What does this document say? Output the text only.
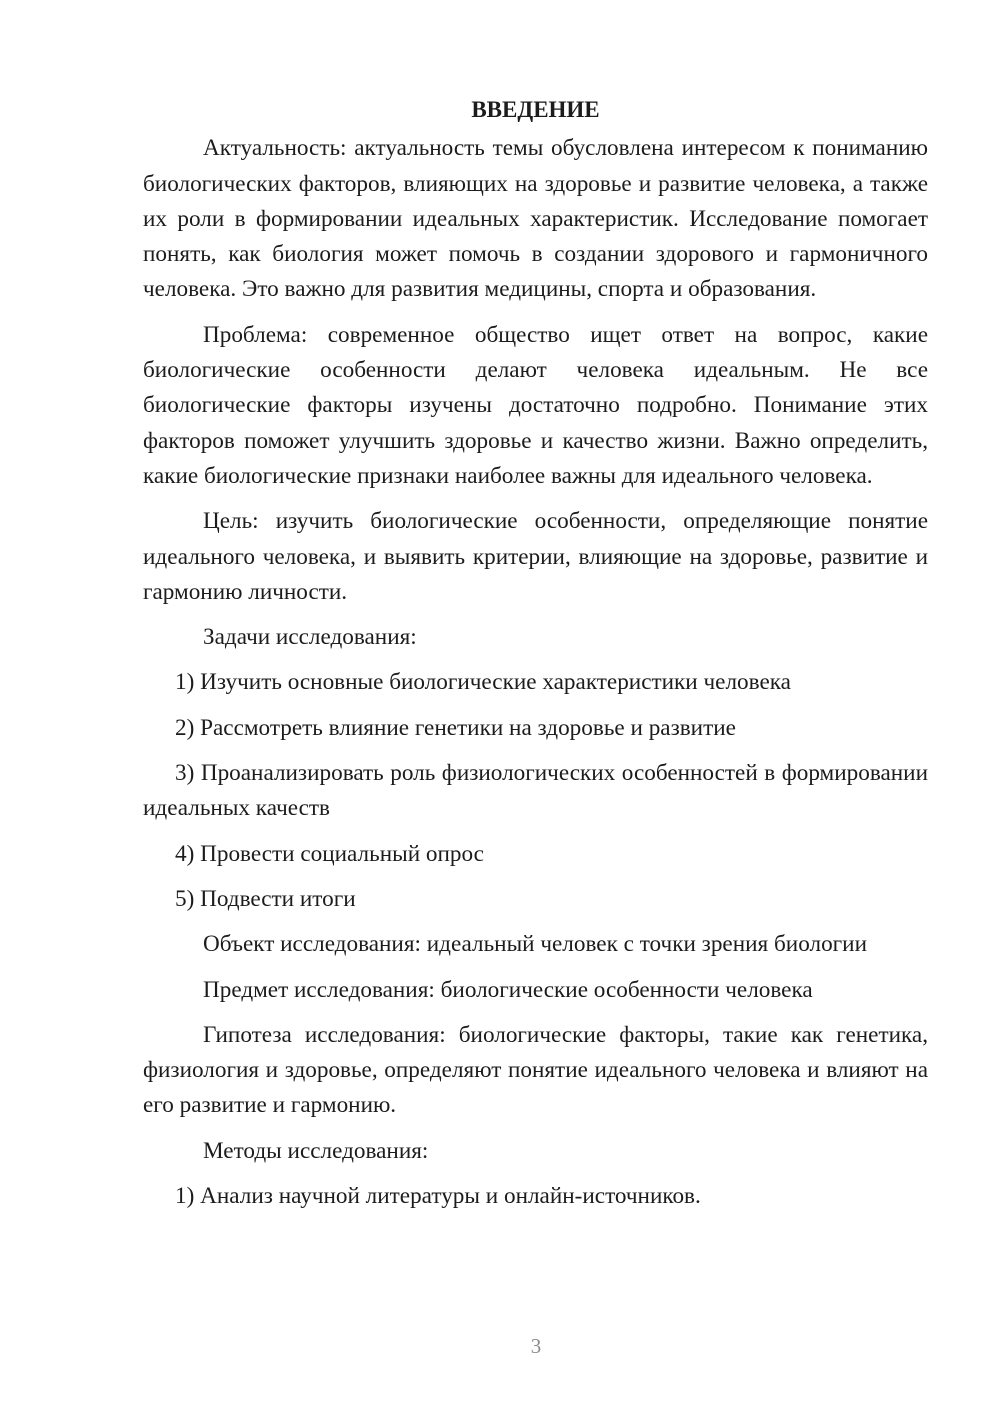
ВВЕДЕНИЕ

Актуальность: актуальность темы обусловлена интересом к пониманию биологических факторов, влияющих на здоровье и развитие человека, а также их роли в формировании идеальных характеристик. Исследование помогает понять, как биология может помочь в создании здорового и гармоничного человека. Это важно для развития медицины, спорта и образования.

Проблема: современное общество ищет ответ на вопрос, какие биологические особенности делают человека идеальным. Не все биологические факторы изучены достаточно подробно. Понимание этих факторов поможет улучшить здоровье и качество жизни. Важно определить, какие биологические признаки наиболее важны для идеального человека.

Цель: изучить биологические особенности, определяющие понятие идеального человека, и выявить критерии, влияющие на здоровье, развитие и гармонию личности.

Задачи исследования:

1) Изучить основные биологические характеристики человека

2) Рассмотреть влияние генетики на здоровье и развитие

3) Проанализировать роль физиологических особенностей в формировании идеальных качеств

4) Провести социальный опрос

5) Подвести итоги

Объект исследования: идеальный человек с точки зрения биологии

Предмет исследования: биологические особенности человека

Гипотеза исследования: биологические факторы, такие как генетика, физиология и здоровье, определяют понятие идеального человека и влияют на его развитие и гармонию.

Методы исследования:

1) Анализ научной литературы и онлайн-источников.

3
